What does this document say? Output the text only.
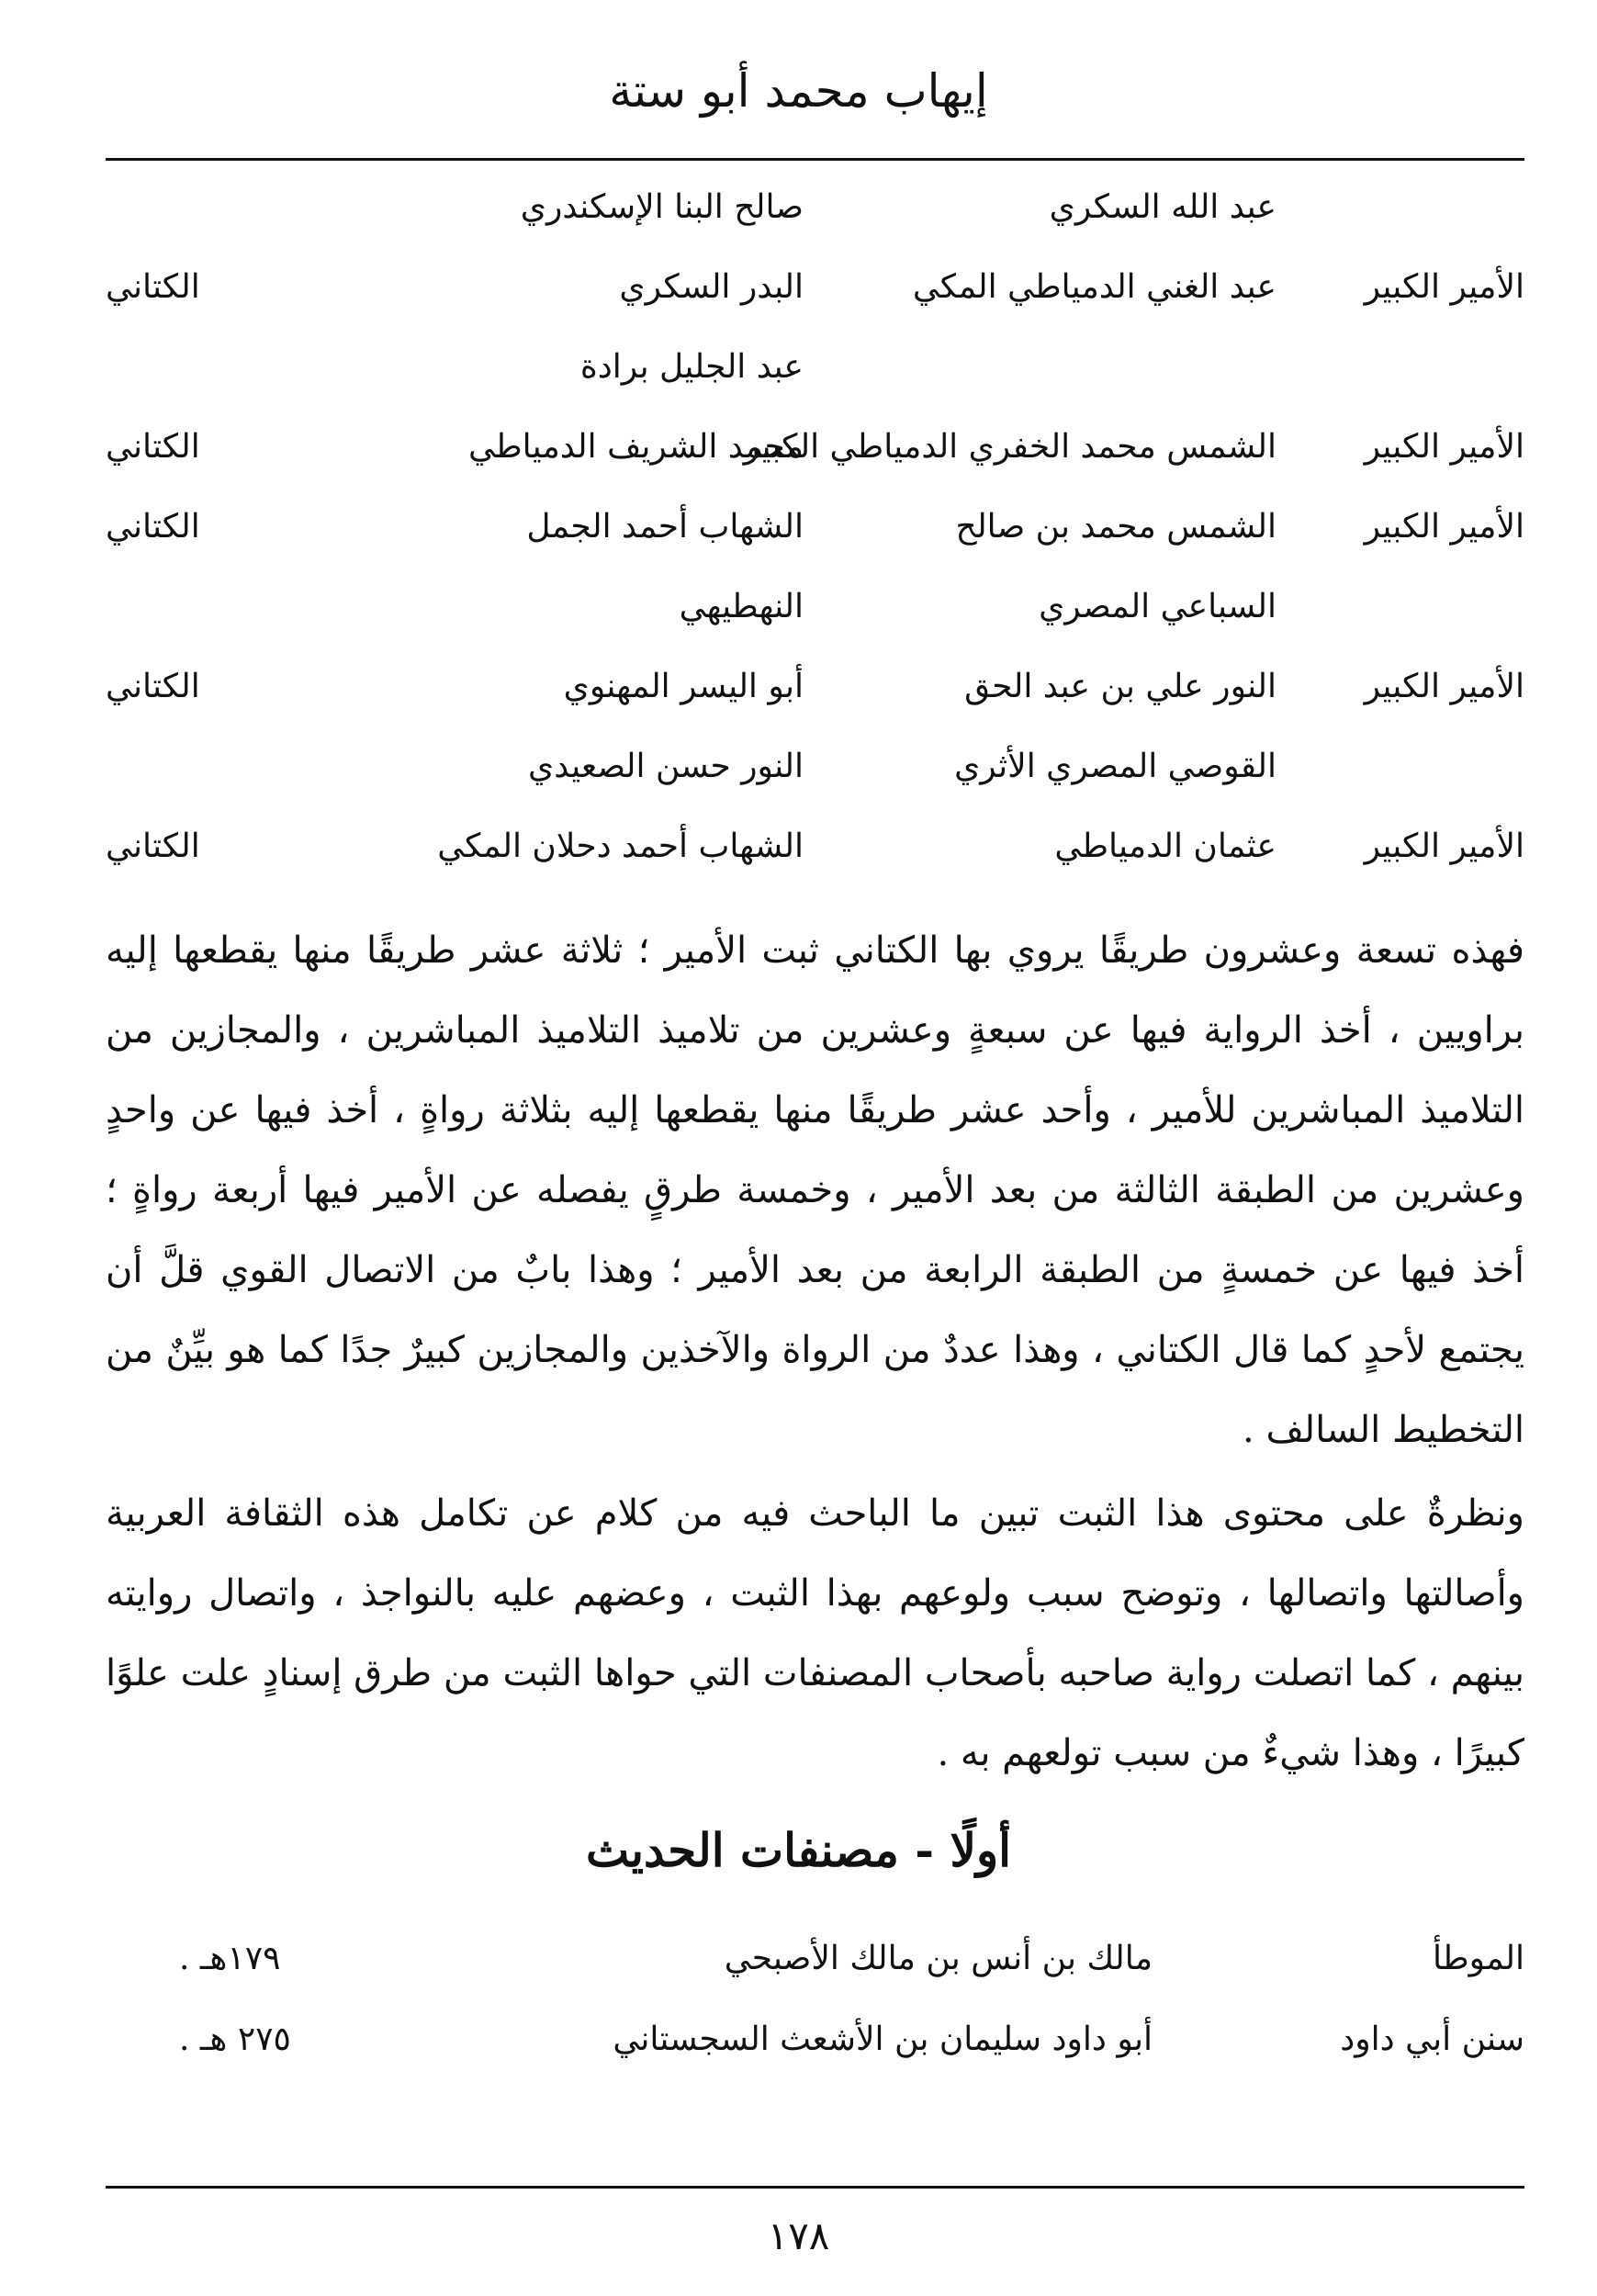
إيهاب محمد أبو ستة
عبد الله السكري
صالح البنا الإسكندري
الأمير الكبير
عبد الغني الدمياطي المكي
البدر السكري
الكتاني
عبد الجليل برادة
الأمير الكبير
الشمس محمد الخفري الدمياطي الكبير
محمد الشريف الدمياطي
الكتاني
الأمير الكبير
الشمس محمد بن صالح
الشهاب أحمد الجمل
الكتاني
السباعي المصري
النهطيهي
الأمير الكبير
النور علي بن عبد الحق
أبو اليسر المهنوي
الكتاني
القوصي المصري الأثري
النور حسن الصعيدي
الأمير الكبير
عثمان الدمياطي
الشهاب أحمد دحلان المكي
الكتاني

فهذه تسعة وعشرون طريقًا يروي بها الكتاني ثبت الأمير ؛ ثلاثة عشر طريقًا منها يقطعها إليه براويين ، أخذ الرواية فيها عن سبعةٍ وعشرين من تلاميذ التلاميذ المباشرين ، والمجازين من التلاميذ المباشرين للأمير ، وأحد عشر طريقًا منها يقطعها إليه بثلاثة رواةٍ ، أخذ فيها عن واحدٍ وعشرين من الطبقة الثالثة من بعد الأمير ، وخمسة طرقٍ يفصله عن الأمير فيها أربعة رواةٍ ؛ أخذ فيها عن خمسةٍ من الطبقة الرابعة من بعد الأمير ؛ وهذا بابٌ من الاتصال القوي قلَّ أن يجتمع لأحدٍ كما قال الكتاني ، وهذا عددٌ من الرواة والآخذين والمجازين كبيرٌ جدًا كما هو بيِّنٌ من التخطيط السالف .

ونظرةٌ على محتوى هذا الثبت تبين ما الباحث فيه من كلام عن تكامل هذه الثقافة العربية وأصالتها واتصالها ، وتوضح سبب ولوعهم بهذا الثبت ، وعضهم عليه بالنواجذ ، واتصال روايته بينهم ، كما اتصلت رواية صاحبه بأصحاب المصنفات التي حواها الثبت من طرق إسنادٍ علت علوًا كبيرًا ، وهذا شيءٌ من سبب تولعهم به .

أولًا - مصنفات الحديث
الموطأ
مالك بن أنس بن مالك الأصبحي
١٧٩هـ .
سنن أبي داود
أبو داود سليمان بن الأشعث السجستاني
٢٧٥ هـ .
١٧٨
